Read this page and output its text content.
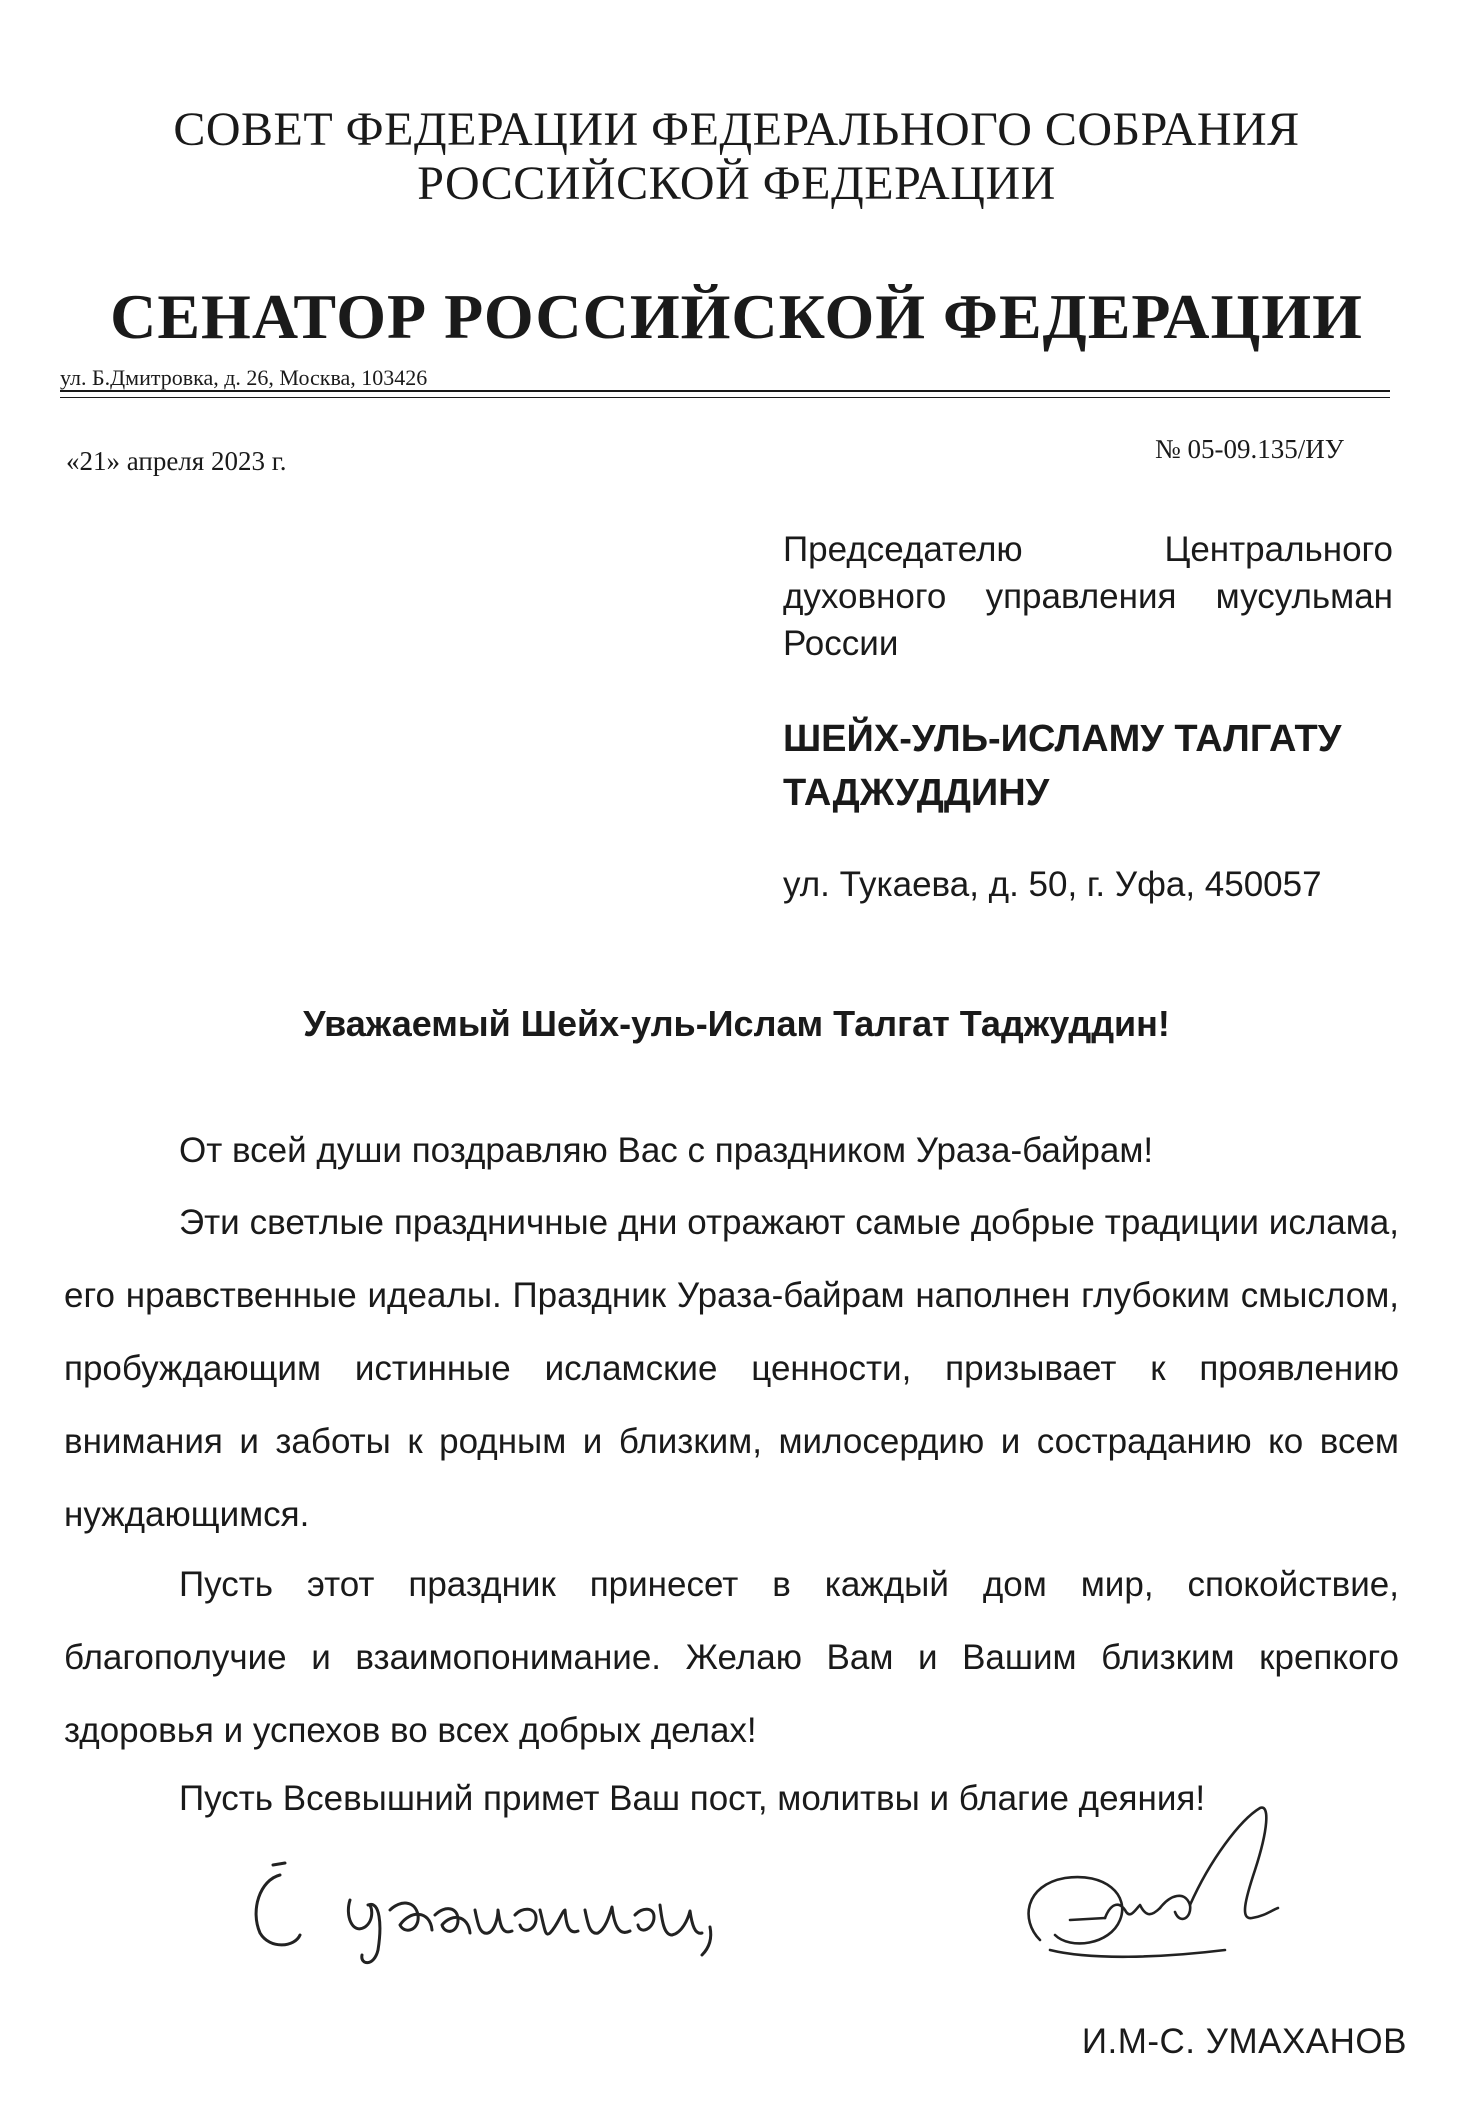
СОВЕТ ФЕДЕРАЦИИ ФЕДЕРАЛЬНОГО СОБРАНИЯ
РОССИЙСКОЙ ФЕДЕРАЦИИ
СЕНАТОР РОССИЙСКОЙ ФЕДЕРАЦИИ
ул. Б.Дмитровка, д. 26, Москва, 103426
«21» апреля 2023 г.	№ 05-09.135/ИУ
Председателю Центрального духовного управления мусульман России
ШЕЙХ-УЛЬ-ИСЛАМУ ТАЛГАТУ ТАДЖУДДИНУ
ул. Тукаева, д. 50, г. Уфа, 450057
Уважаемый Шейх-уль-Ислам Талгат Таджуддин!
От всей души поздравляю Вас с праздником Ураза-байрам!
Эти светлые праздничные дни отражают самые добрые традиции ислама, его нравственные идеалы. Праздник Ураза-байрам наполнен глубоким смыслом, пробуждающим истинные исламские ценности, призывает к проявлению внимания и заботы к родным и близким, милосердию и состраданию ко всем нуждающимся.
Пусть этот праздник принесет в каждый дом мир, спокойствие, благополучие и взаимопонимание. Желаю Вам и Вашим близким крепкого здоровья и успехов во всех добрых делах!
Пусть Всевышний примет Ваш пост, молитвы и благие деяния!
И.М-С. УМАХАНОВ
